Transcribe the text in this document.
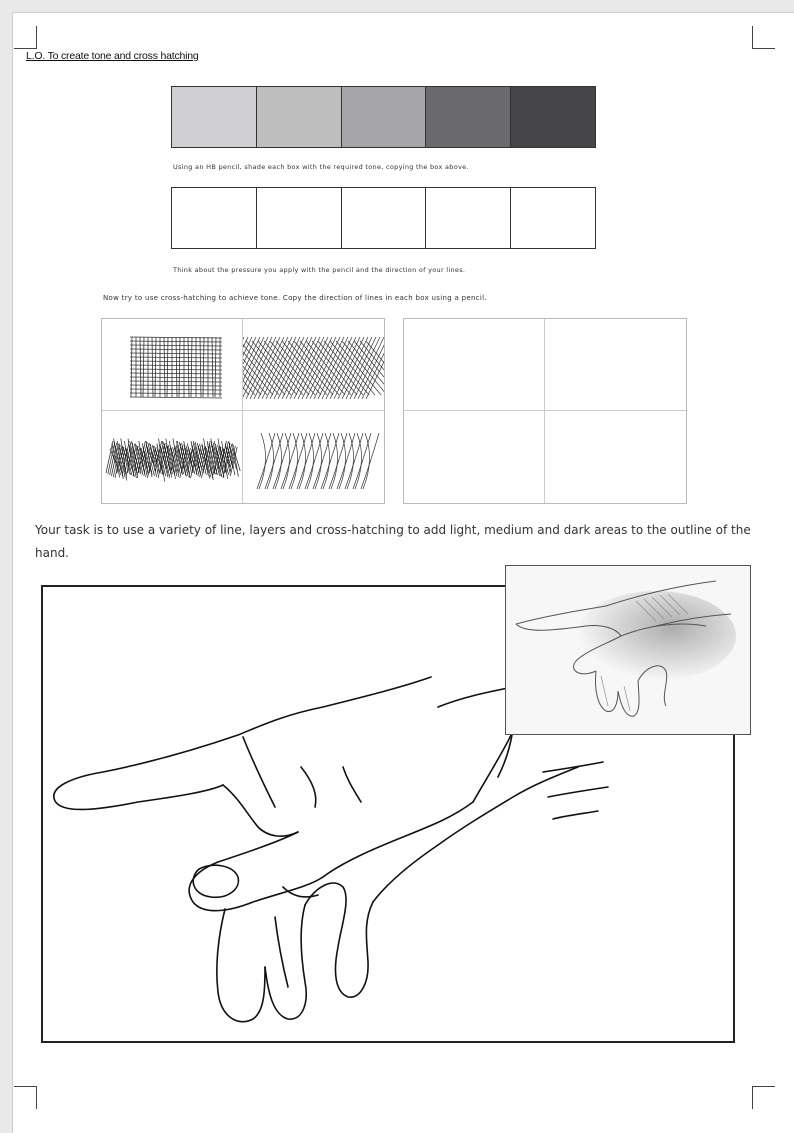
L.O. To create tone and cross hatching
Using an HB pencil, shade each box with the required tone, copying the box above.
Think about the pressure you apply with the pencil and the direction of your lines.
Now try to use cross-hatching to achieve tone. Copy the direction of lines in each box using a pencil.
Your task is to use a variety of line, layers and cross-hatching to add light, medium and dark areas to the outline of the hand.
